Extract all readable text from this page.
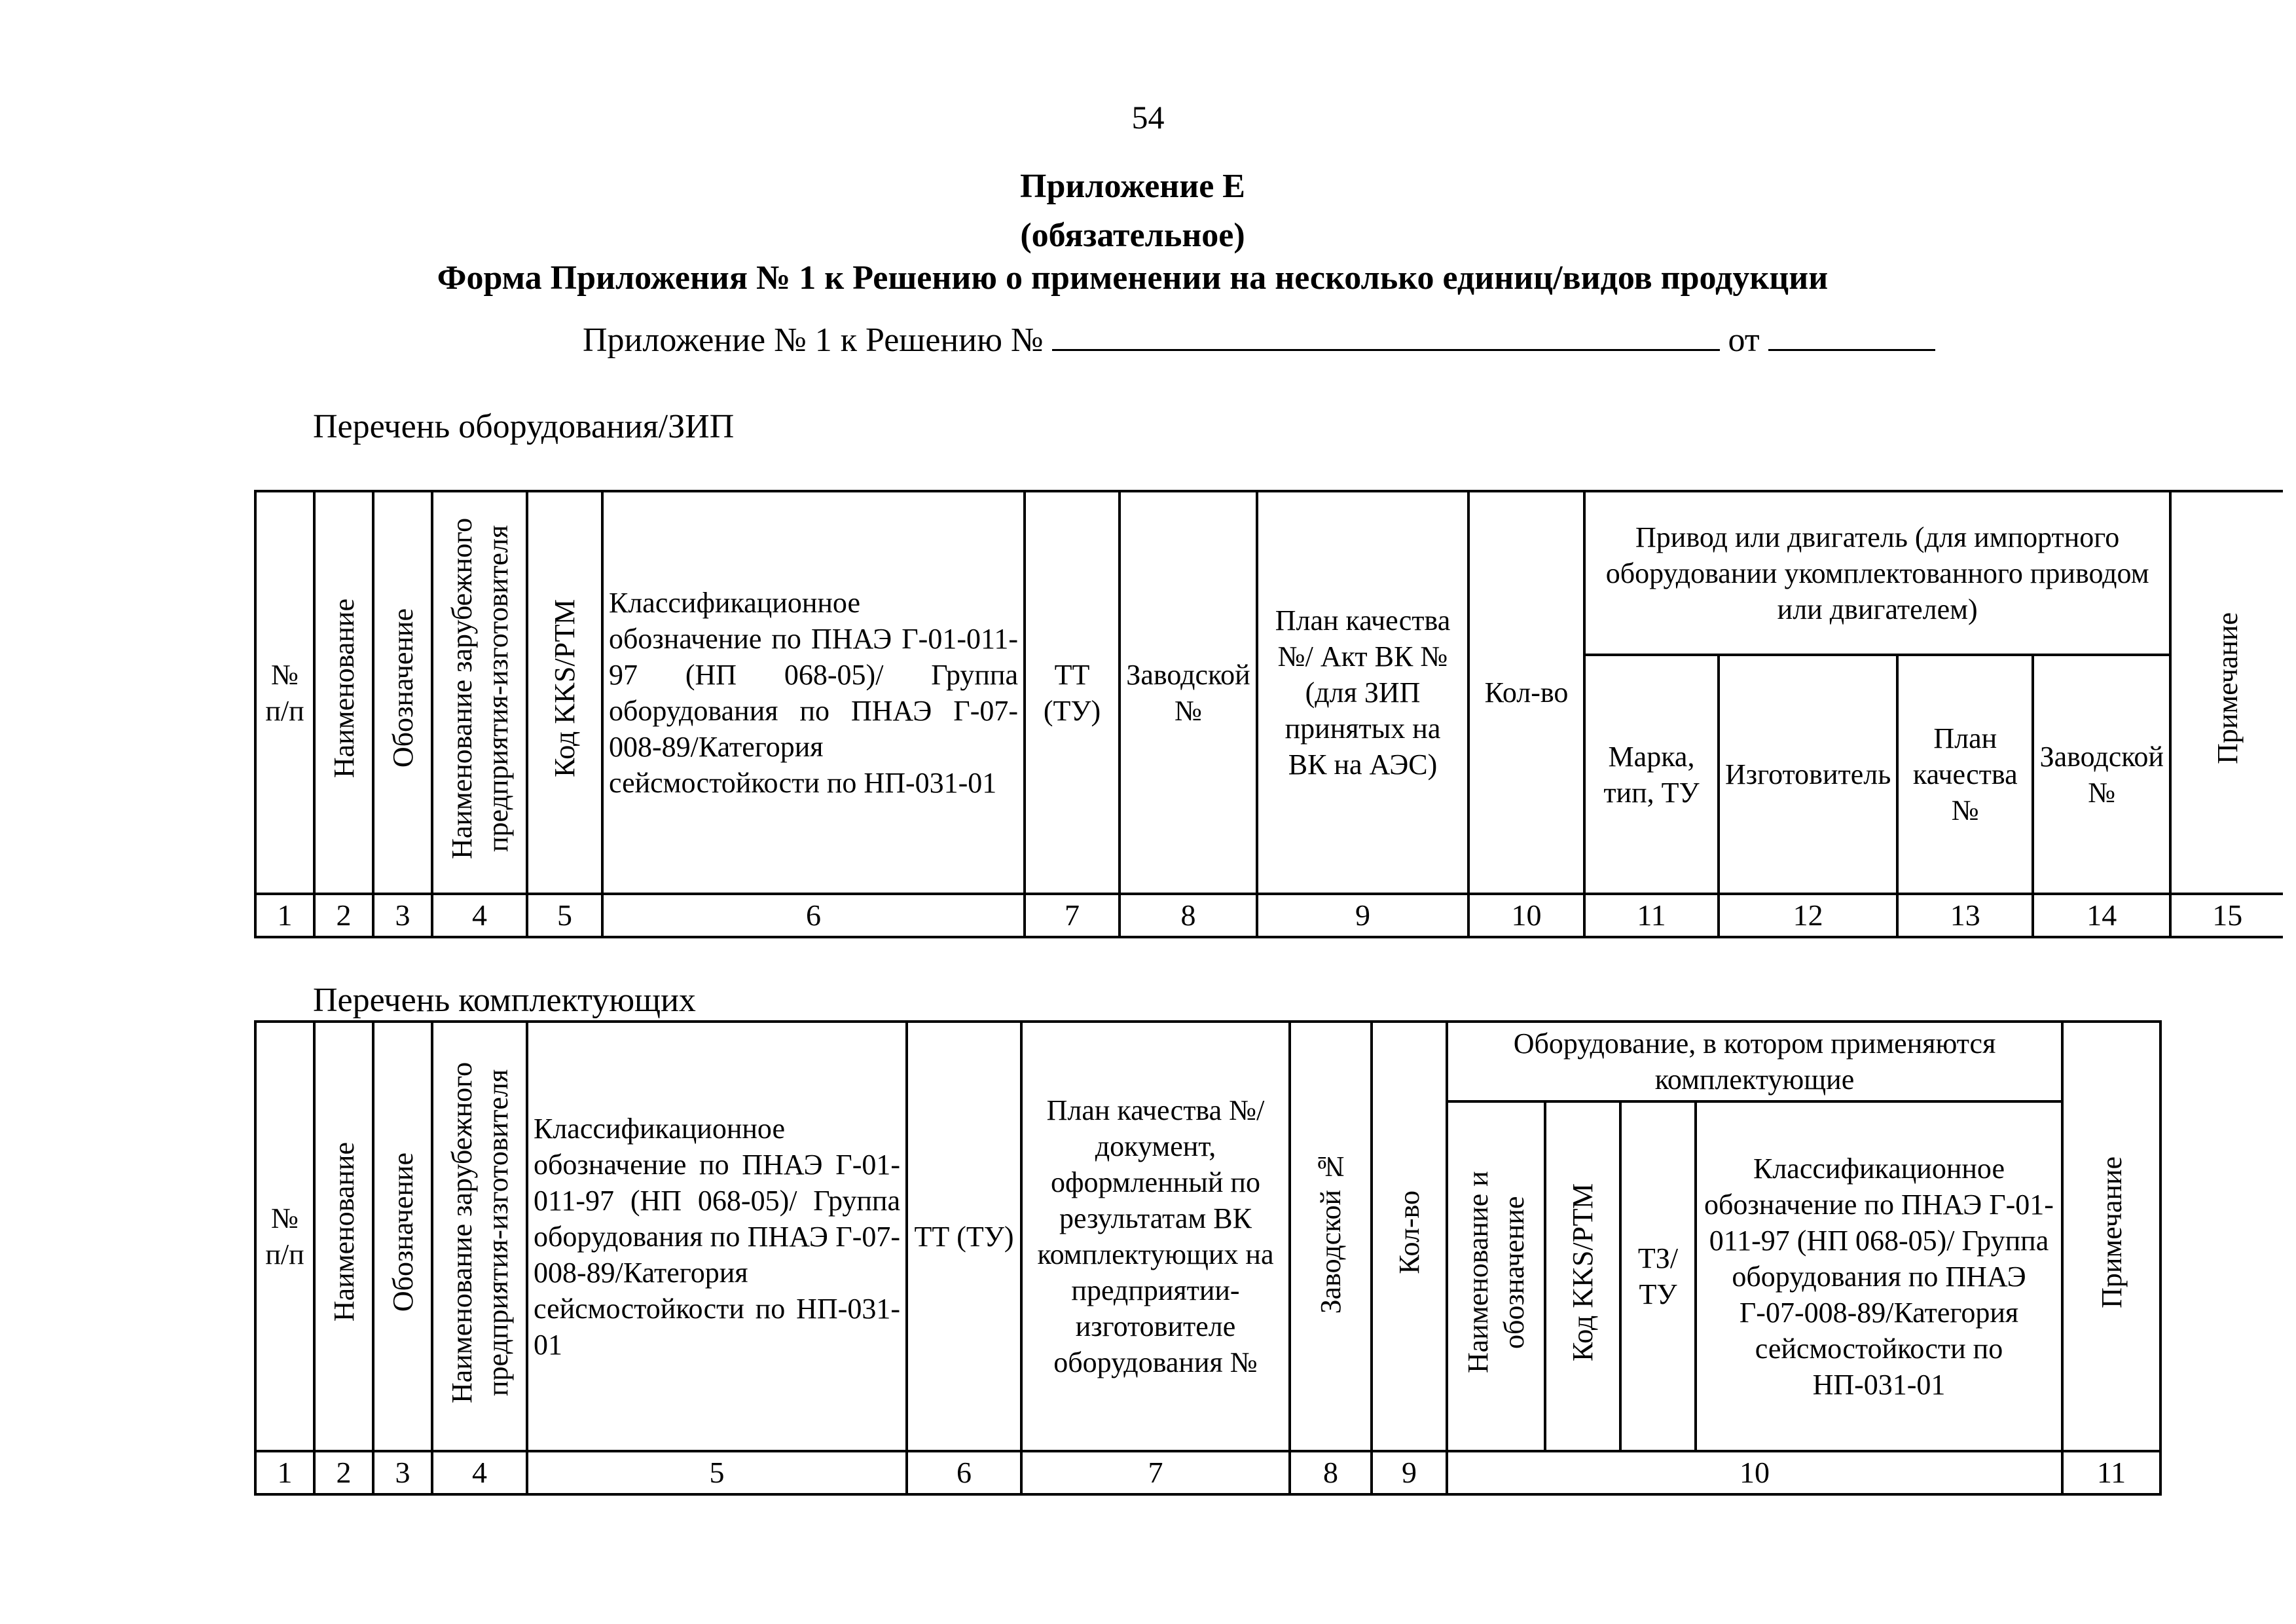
54
Приложение Е
(обязательное)
Форма Приложения № 1 к Решению о применении на несколько единиц/видов продукции
Приложение № 1 к Решению №	от
Перечень оборудования/ЗИП
№ п/п	Наименование	Обозначение	Наименование зарубежного предприятия-изготовителя	Код KKS/РТМ	Классификационное обозначение по ПНАЭ Г-01-011-97 (НП 068-05)/ Группа оборудования по ПНАЭ Г-07-008-89/Категория сейсмостойкости по НП-031-01	ТТ (ТУ)	Заводской №	План качества №/ Акт ВК № (для ЗИП принятых на ВК на АЭС)	Кол-во	Привод или двигатель (для импортного оборудовании укомплектованного приводом или двигателем)				Примечание
										Марка, тип, ТУ	Изготовитель	План качества №	Заводской №	
1	2	3	4	5	6	7	8	9	10	11	12	13	14	15
Перечень комплектующих
№ п/п	Наименование	Обозначение	Наименование зарубежного предприятия-изготовителя	Классификационное обозначение по ПНАЭ Г-01-011-97 (НП 068-05)/ Группа оборудования по ПНАЭ Г-07-008-89/Категория сейсмостойкости по НП-031-01	ТТ (ТУ)	План качества №/документ, оформленный по результатам ВК комплектующих на предприятии-изготовителе оборудования №	Заводской №	Кол-во	Оборудование, в котором применяются комплектующие				Примечание
									Наименование и обозначение	Код KKS/РТМ	ТЗ/ ТУ	Классификационное обозначение по ПНАЭ Г-01-011-97 (НП 068-05)/ Группа оборудования по ПНАЭ Г-07-008-89/Категория сейсмостойкости по НП-031-01	
1	2	3	4	5	6	7	8	9	10				11
